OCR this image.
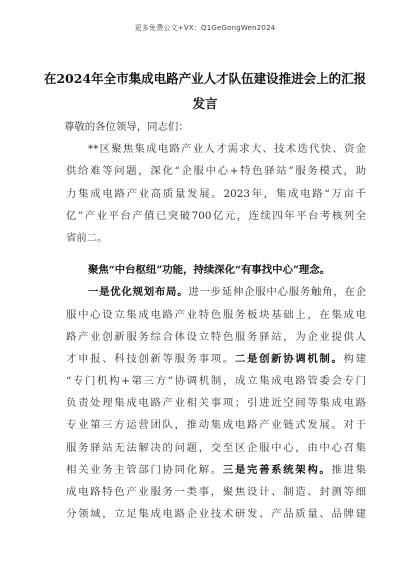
更多免费公文+VX：Q1GeGongWen2024
在2024年全市集成电路产业人才队伍建设推进会上的汇报
发言
尊敬的各位领导，同志们：
**区聚焦集成电路产业人才需求大、技术迭代快、资金
供给难等问题，深化“企服中心+特色驿站”服务模式，助
力集成电路产业高质量发展。2023年，集成电路“万亩千
亿”产业平台产值已突破700亿元，连续四年平台考核列全
省前二。
聚焦“中台枢纽”功能，持续深化“有事找中心”理念。
一是优化规划布局。进一步延伸企服中心服务触角，在企
服中心设立集成电路产业特色服务板块基础上，在集成电
路产业创新服务综合体设立特色服务驿站，为企业提供人
才申报、科技创新等服务事项。二是创新协调机制。构建
“专门机构+第三方”协调机制，成立集成电路管委会专门
负责处理集成电路产业相关事项；引进近空间等集成电路
专业第三方运营团队，推动集成电路产业链式发展。对于
服务驿站无法解决的问题，交至区企服中心，由中心召集
相关业务主管部门协同化解。三是完善系统架构。推进集
成电路特色产业服务一类事，聚焦设计、制造、封测等细
分领域，立足集成电路企业技术研发、产品质量、品牌建
